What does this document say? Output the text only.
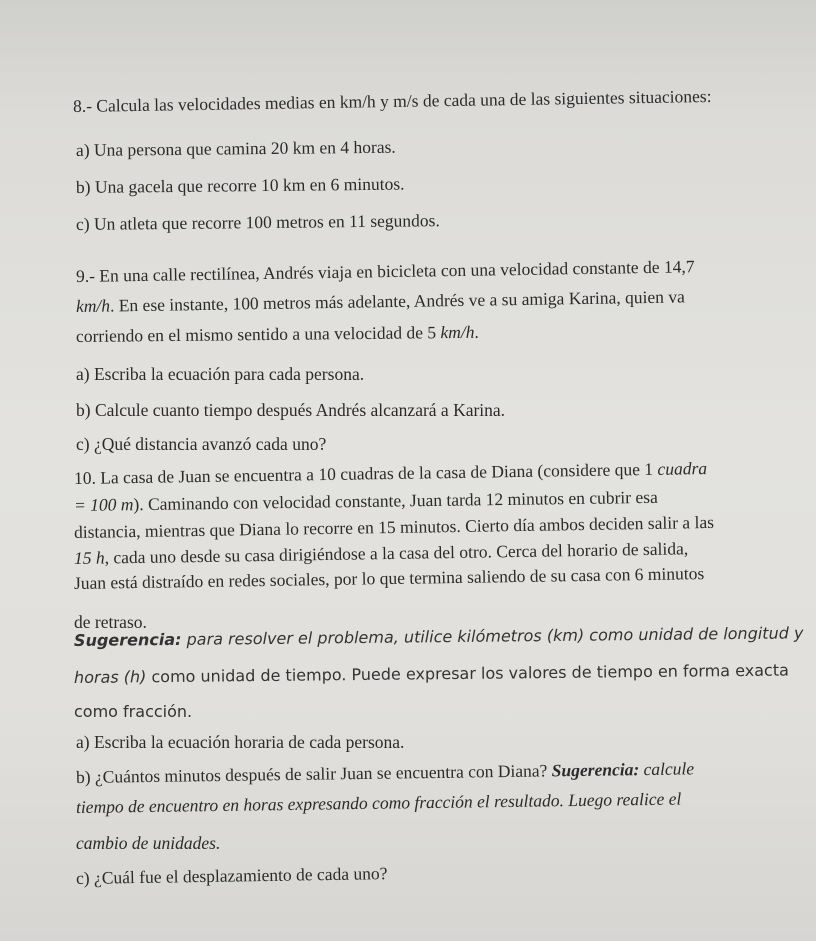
8.- Calcula las velocidades medias en km/h y m/s de cada una de las siguientes situaciones:
a) Una persona que camina 20 km en 4 horas.
b) Una gacela que recorre 10 km en 6 minutos.
c) Un atleta que recorre 100 metros en 11 segundos.
9.- En una calle rectilínea, Andrés viaja en bicicleta con una velocidad constante de 14,7
km/h. En ese instante, 100 metros más adelante, Andrés ve a su amiga Karina, quien va
corriendo en el mismo sentido a una velocidad de 5 km/h.
a) Escriba la ecuación para cada persona.
b) Calcule cuanto tiempo después Andrés alcanzará a Karina.
c) ¿Qué distancia avanzó cada uno?
10. La casa de Juan se encuentra a 10 cuadras de la casa de Diana (considere que 1 cuadra
= 100 m). Caminando con velocidad constante, Juan tarda 12 minutos en cubrir esa
distancia, mientras que Diana lo recorre en 15 minutos. Cierto día ambos deciden salir a las
15 h, cada uno desde su casa dirigiéndose a la casa del otro. Cerca del horario de salida,
Juan está distraído en redes sociales, por lo que termina saliendo de su casa con 6 minutos
de retraso.
Sugerencia: para resolver el problema, utilice kilómetros (km) como unidad de longitud y
horas (h) como unidad de tiempo. Puede expresar los valores de tiempo en forma exacta
como fracción.
a) Escriba la ecuación horaria de cada persona.
b) ¿Cuántos minutos después de salir Juan se encuentra con Diana? Sugerencia: calcule
tiempo de encuentro en horas expresando como fracción el resultado. Luego realice el
cambio de unidades.
c) ¿Cuál fue el desplazamiento de cada uno?
